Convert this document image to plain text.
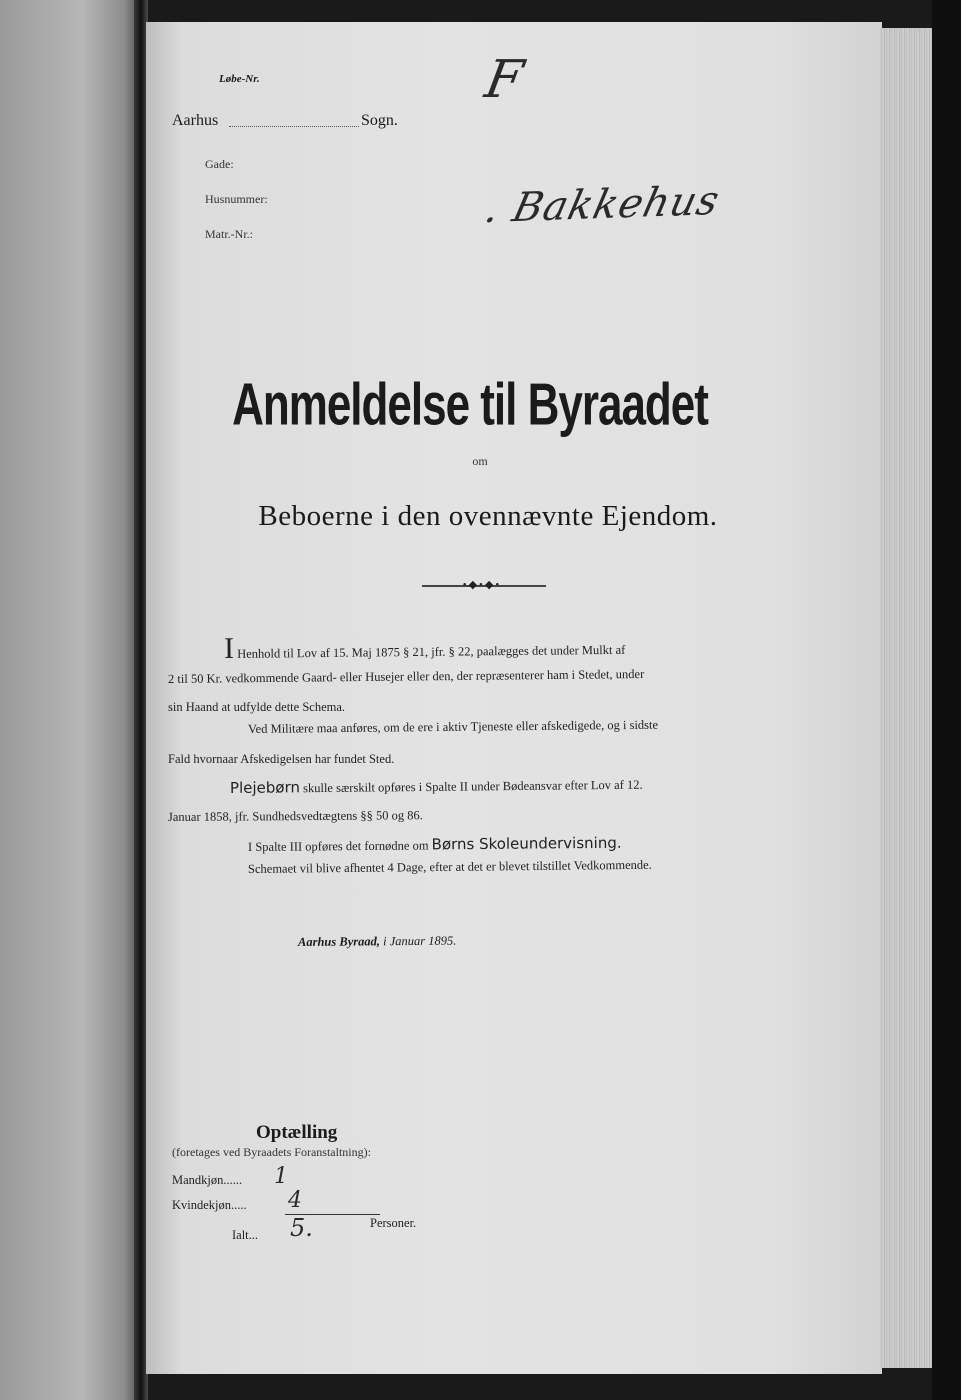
Løbe-Nr.
Aarhus	Sogn.
F
Gade:
Husnummer:
Matr.-Nr.:
. Bakkehus
Anmeldelse til Byraadet
om
Beboerne i den ovennævnte Ejendom.
•◆•◆•
I Henhold til Lov af 15. Maj 1875 § 21, jfr. § 22, paalægges det under Mulkt af
2 til 50 Kr. vedkommende Gaard- eller Husejer eller den, der repræsenterer ham i Stedet, under
sin Haand at udfylde dette Schema.
Ved Militære maa anføres, om de ere i aktiv Tjeneste eller afskedigede, og i sidste
Fald hvornaar Afskedigelsen har fundet Sted.
Plejebørn skulle særskilt opføres i Spalte II under Bødeansvar efter Lov af 12.
Januar 1858, jfr. Sundhedsvedtægtens §§ 50 og 86.
I Spalte III opføres det fornødne om Børns Skoleundervisning.
Schemaet vil blive afhentet 4 Dage, efter at det er blevet tilstillet Vedkommende.
Aarhus Byraad, i Januar 1895.
Optælling
(foretages ved Byraadets Foranstaltning):
Mandkjøn...... 1
Kvindekjøn..... 4
Ialt... 5.	Personer.
